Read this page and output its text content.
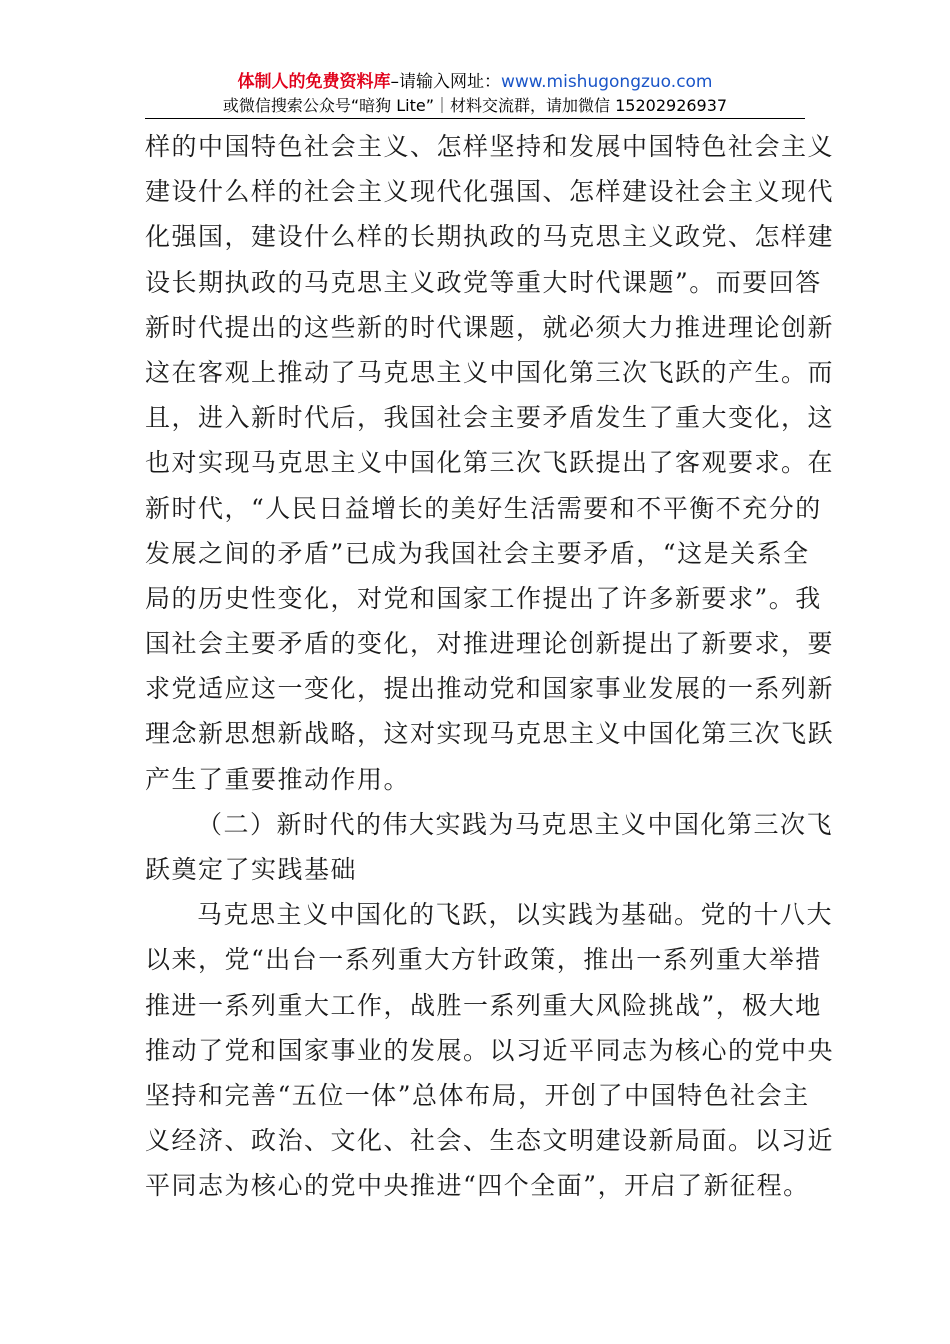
体制人的免费资料库–请输入网址：www.mishugongzuo.com
或微信搜索公众号“暗狗 Lite”｜材料交流群，请加微信 15202926937
样的中国特色社会主义、怎样坚持和发展中国特色社会主义
建设什么样的社会主义现代化强国、怎样建设社会主义现代
化强国，建设什么样的长期执政的马克思主义政党、怎样建
设长期执政的马克思主义政党等重大时代课题”。而要回答
新时代提出的这些新的时代课题，就必须大力推进理论创新
这在客观上推动了马克思主义中国化第三次飞跃的产生。而
且，进入新时代后，我国社会主要矛盾发生了重大变化，这
也对实现马克思主义中国化第三次飞跃提出了客观要求。在
新时代，“人民日益增长的美好生活需要和不平衡不充分的
发展之间的矛盾”已成为我国社会主要矛盾，“这是关系全
局的历史性变化，对党和国家工作提出了许多新要求”。我
国社会主要矛盾的变化，对推进理论创新提出了新要求，要
求党适应这一变化，提出推动党和国家事业发展的一系列新
理念新思想新战略，这对实现马克思主义中国化第三次飞跃
产生了重要推动作用。
（二）新时代的伟大实践为马克思主义中国化第三次飞
跃奠定了实践基础
马克思主义中国化的飞跃，以实践为基础。党的十八大
以来，党“出台一系列重大方针政策，推出一系列重大举措
推进一系列重大工作，战胜一系列重大风险挑战”，极大地
推动了党和国家事业的发展。以习近平同志为核心的党中央
坚持和完善“五位一体”总体布局，开创了中国特色社会主
义经济、政治、文化、社会、生态文明建设新局面。以习近
平同志为核心的党中央推进“四个全面”，开启了新征程。
